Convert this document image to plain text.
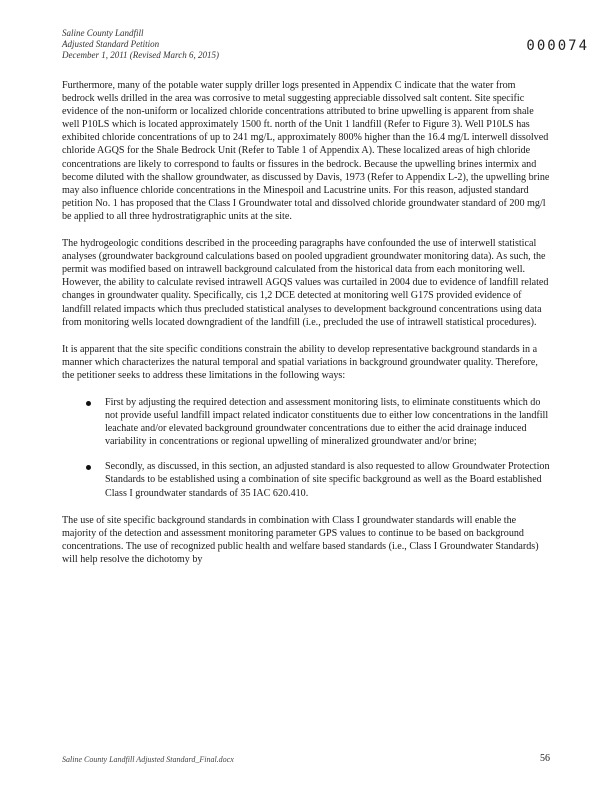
Saline County Landfill
Adjusted Standard Petition
December 1, 2011 (Revised March 6, 2015)
000074

Furthermore, many of the potable water supply driller logs presented in Appendix C indicate that the water from bedrock wells drilled in the area was corrosive to metal suggesting appreciable dissolved salt content. Site specific evidence of the non-uniform or localized chloride concentrations attributed to brine upwelling is apparent from shale well P10LS which is located approximately 1500 ft. north of the Unit 1 landfill (Refer to Figure 3). Well P10LS has exhibited chloride concentrations of up to 241 mg/L, approximately 800% higher than the 16.4 mg/L interwell dissolved chloride AGQS for the Shale Bedrock Unit (Refer to Table 1 of Appendix A). These localized areas of high chloride concentrations are likely to correspond to faults or fissures in the bedrock. Because the upwelling brines intermix and become diluted with the shallow groundwater, as discussed by Davis, 1973 (Refer to Appendix L-2), the upwelling brine may also influence chloride concentrations in the Minespoil and Lacustrine units. For this reason, adjusted standard petition No. 1 has proposed that the Class I Groundwater total and dissolved chloride groundwater standard of 200 mg/l be applied to all three hydrostratigraphic units at the site.

The hydrogeologic conditions described in the proceeding paragraphs have confounded the use of interwell statistical analyses (groundwater background calculations based on pooled upgradient groundwater monitoring data). As such, the permit was modified based on intrawell background calculated from the historical data from each monitoring well. However, the ability to calculate revised intrawell AGQS values was curtailed in 2004 due to evidence of landfill related changes in groundwater quality. Specifically, cis 1,2 DCE detected at monitoring well G17S provided evidence of landfill related impacts which thus precluded statistical analyses to development background concentrations using data from monitoring wells located downgradient of the landfill (i.e., precluded the use of intrawell statistical procedures).

It is apparent that the site specific conditions constrain the ability to develop representative background standards in a manner which characterizes the natural temporal and spatial variations in background groundwater quality. Therefore, the petitioner seeks to address these limitations in the following ways:

First by adjusting the required detection and assessment monitoring lists, to eliminate constituents which do not provide useful landfill impact related indicator constituents due to either low concentrations in the landfill leachate and/or elevated background groundwater concentrations due to either the acid drainage induced variability in concentrations or regional upwelling of mineralized groundwater and/or brine;
Secondly, as discussed, in this section, an adjusted standard is also requested to allow Groundwater Protection Standards to be established using a combination of site specific background as well as the Board established Class I groundwater standards of 35 IAC 620.410.

The use of site specific background standards in combination with Class I groundwater standards will enable the majority of the detection and assessment monitoring parameter GPS values to continue to be based on background concentrations. The use of recognized public health and welfare based standards (i.e., Class I Groundwater Standards) will help resolve the dichotomy by

Saline County Landfill Adjusted Standard_Final.docx	56
